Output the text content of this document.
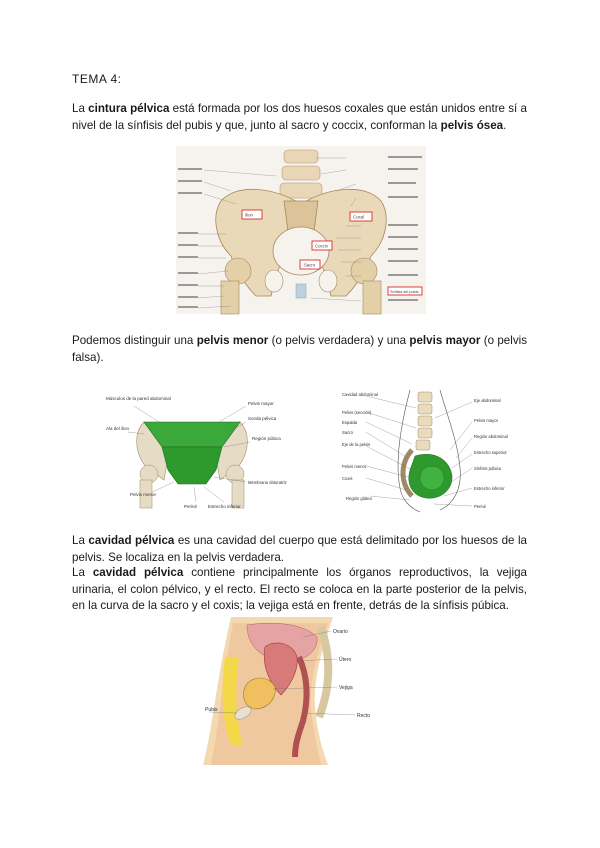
TEMA 4:
La cintura pélvica está formada por los dos huesos coxales que están unidos entre sí a nivel de la sínfisis del pubis y que, junto al sacro y coccix, conforman la pelvis ósea.
Ilion	Coxal
Coccix
Sacro
Sínfisis del pubis
Podemos distinguir una pelvis menor (o pelvis verdadera) y una pelvis mayor (o pelvis falsa).
Músculos de la pared abdominal
Ala del ilion
Pelvis mayor
Sonda pélvica
Región púbica
Membrana obturatriz
Pelvis menor
Periné Estrecho inferior
Cavidad abdominal
Pelvis (sección)
Espalda
Sacro
Eje de la pelvis
Pelvis menor
Coxis
Región glútea
Eje abdominal
Pelvis mayor
Región abdominal
Estrecho superior
Sínfisis púbica
Estrecho inferior
Periné
La cavidad pélvica es una cavidad del cuerpo que está delimitado por los huesos de la pelvis. Se localiza en la pelvis verdadera.
La cavidad pélvica contiene principalmente los órganos reproductivos, la vejiga urinaria, el colon pélvico, y el recto. El recto se coloca en la parte posterior de la pelvis, en la curva de la sacro y el coxis; la vejiga está en frente, detrás de la sínfisis púbica.
Ovario
Útero
Vejiga
Pubis
Recto
